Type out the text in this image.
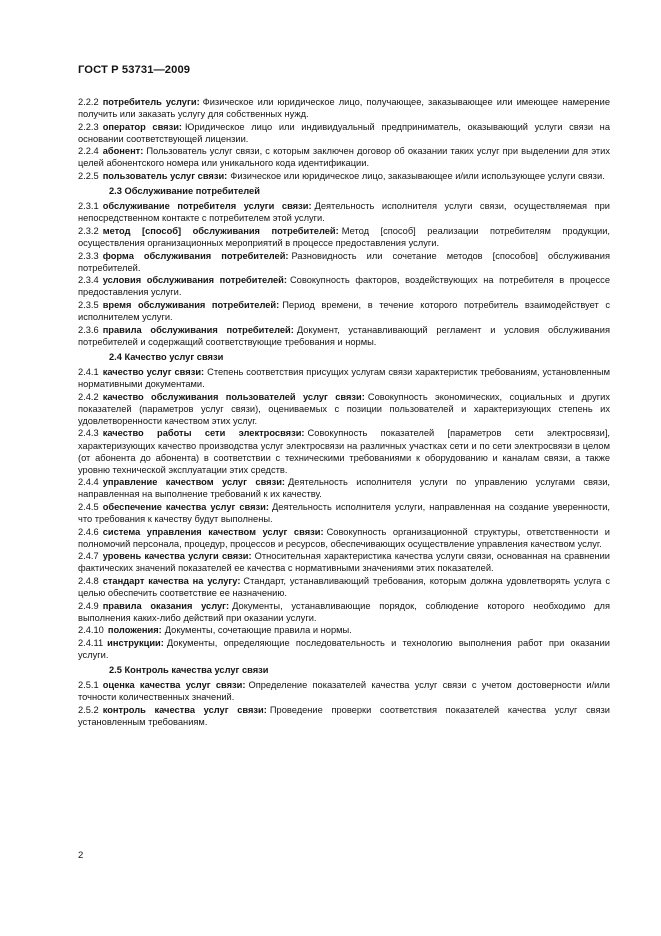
ГОСТ Р 53731—2009
2.2.2 потребитель услуги: Физическое или юридическое лицо, получающее, заказывающее или имеющее намерение получить или заказать услугу для собственных нужд.
2.2.3 оператор связи: Юридическое лицо или индивидуальный предприниматель, оказывающий услуги связи на основании соответствующей лицензии.
2.2.4 абонент: Пользователь услуг связи, с которым заключен договор об оказании таких услуг при выделении для этих целей абонентского номера или уникального кода идентификации.
2.2.5 пользователь услуг связи: Физическое или юридическое лицо, заказывающее и/или использующее услуги связи.
2.3 Обслуживание потребителей
2.3.1 обслуживание потребителя услуги связи: Деятельность исполнителя услуги связи, осуществляемая при непосредственном контакте с потребителем этой услуги.
2.3.2 метод [способ] обслуживания потребителей: Метод [способ] реализации потребителям продукции, осуществления организационных мероприятий в процессе предоставления услуги.
2.3.3 форма обслуживания потребителей: Разновидность или сочетание методов [способов] обслуживания потребителей.
2.3.4 условия обслуживания потребителей: Совокупность факторов, воздействующих на потребителя в процессе предоставления услуги.
2.3.5 время обслуживания потребителей: Период времени, в течение которого потребитель взаимодействует с исполнителем услуги.
2.3.6 правила обслуживания потребителей: Документ, устанавливающий регламент и условия обслуживания потребителей и содержащий соответствующие требования и нормы.
2.4 Качество услуг связи
2.4.1 качество услуг связи: Степень соответствия присущих услугам связи характеристик требованиям, установленным нормативными документами.
2.4.2 качество обслуживания пользователей услуг связи: Совокупность экономических, социальных и других показателей (параметров услуг связи), оцениваемых с позиции пользователей и характеризующих степень их удовлетворенности качеством этих услуг.
2.4.3 качество работы сети электросвязи: Совокупность показателей [параметров сети электросвязи], характеризующих качество производства услуг электросвязи на различных участках сети и по сети электросвязи в целом (от абонента до абонента) в соответствии с техническими требованиями к оборудованию и каналам связи, а также уровню технической эксплуатации этих средств.
2.4.4 управление качеством услуг связи: Деятельность исполнителя услуги по управлению услугами связи, направленная на выполнение требований к их качеству.
2.4.5 обеспечение качества услуг связи: Деятельность исполнителя услуги, направленная на создание уверенности, что требования к качеству будут выполнены.
2.4.6 система управления качеством услуг связи: Совокупность организационной структуры, ответственности и полномочий персонала, процедур, процессов и ресурсов, обеспечивающих осуществление управления качеством услуг.
2.4.7 уровень качества услуги связи: Относительная характеристика качества услуги связи, основанная на сравнении фактических значений показателей ее качества с нормативными значениями этих показателей.
2.4.8 стандарт качества на услугу: Стандарт, устанавливающий требования, которым должна удовлетворять услуга с целью обеспечить соответствие ее назначению.
2.4.9 правила оказания услуг: Документы, устанавливающие порядок, соблюдение которого необходимо для выполнения каких-либо действий при оказании услуги.
2.4.10 положения: Документы, сочетающие правила и нормы.
2.4.11 инструкции: Документы, определяющие последовательность и технологию выполнения работ при оказании услуги.
2.5 Контроль качества услуг связи
2.5.1 оценка качества услуг связи: Определение показателей качества услуг связи с учетом достоверности и/или точности количественных значений.
2.5.2 контроль качества услуг связи: Проведение проверки соответствия показателей качества услуг связи установленным требованиям.
2
